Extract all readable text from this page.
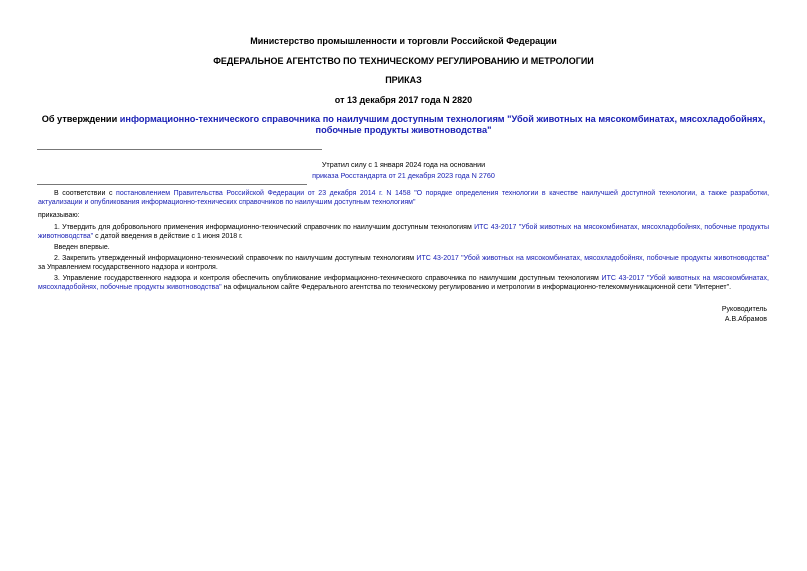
Министерство промышленности и торговли Российской Федерации
ФЕДЕРАЛЬНОЕ АГЕНТСТВО ПО ТЕХНИЧЕСКОМУ РЕГУЛИРОВАНИЮ И МЕТРОЛОГИИ
ПРИКАЗ
от 13 декабря 2017 года N 2820
Об утверждении информационно-технического справочника по наилучшим доступным технологиям "Убой животных на мясокомбинатах, мясохладобойнях, побочные продукты животноводства"
Утратил силу с 1 января 2024 года на основании
приказа Росстандарта от 21 декабря 2023 года N 2760
В соответствии с постановлением Правительства Российской Федерации от 23 декабря 2014 г. N 1458 "О порядке определения технологии в качестве наилучшей доступной технологии, а также разработки, актуализации и опубликования информационно-технических справочников по наилучшим доступным технологиям"
приказываю:
1. Утвердить для добровольного применения информационно-технический справочник по наилучшим доступным технологиям ИТС 43-2017 "Убой животных на мясокомбинатах, мясохладобойнях, побочные продукты животноводства" с датой введения в действие с 1 июня 2018 г.
Введен впервые.
2. Закрепить утвержденный информационно-технический справочник по наилучшим доступным технологиям ИТС 43-2017 "Убой животных на мясокомбинатах, мясохладобойнях, побочные продукты животноводства" за Управлением государственного надзора и контроля.
3. Управление государственного надзора и контроля обеспечить опубликование информационно-технического справочника по наилучшим доступным технологиям ИТС 43-2017 "Убой животных на мясокомбинатах, мясохладобойнях, побочные продукты животноводства" на официальном сайте Федерального агентства по техническому регулированию и метрологии в информационно-телекоммуникационной сети "Интернет".
Руководитель
А.В.Абрамов
